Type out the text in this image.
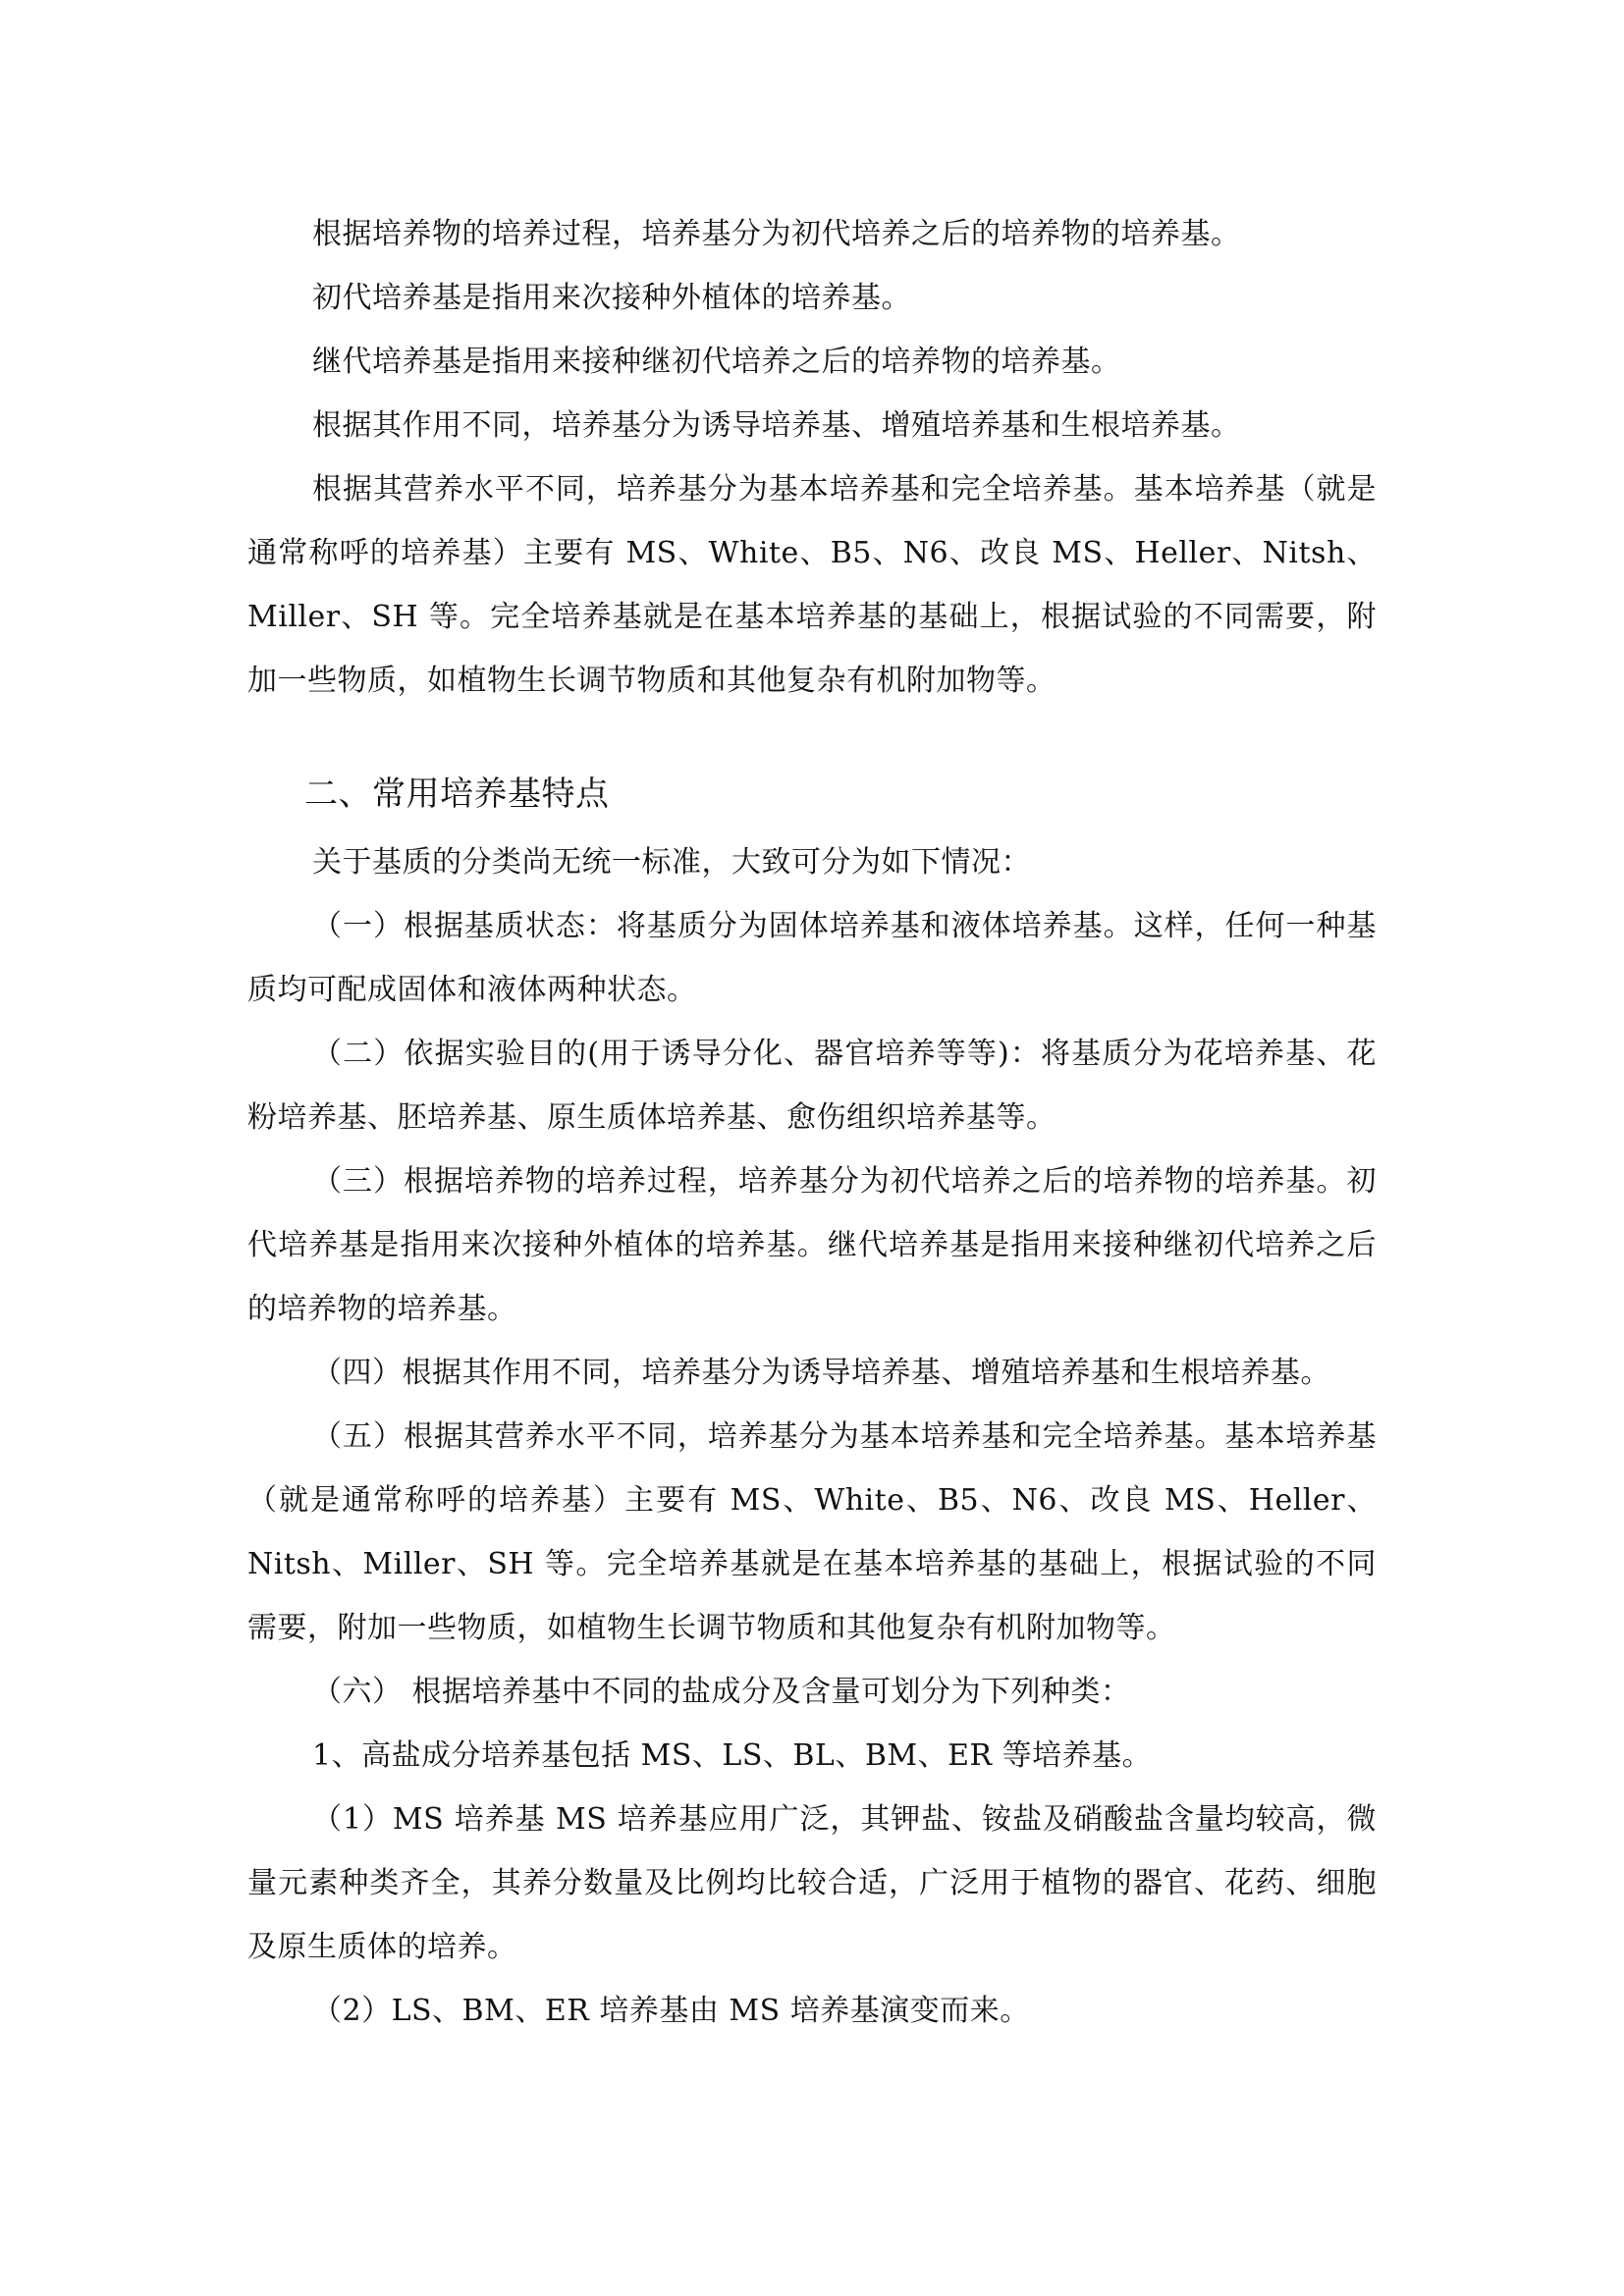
根据培养物的培养过程，培养基分为初代培养之后的培养物的培养基。

初代培养基是指用来次接种外植体的培养基。

继代培养基是指用来接种继初代培养之后的培养物的培养基。

根据其作用不同，培养基分为诱导培养基、增殖培养基和生根培养基。

根据其营养水平不同，培养基分为基本培养基和完全培养基。基本培养基（就是通常称呼的培养基）主要有 MS、White、B5、N6、改良 MS、Heller、Nitsh、Miller、SH 等。完全培养基就是在基本培养基的基础上，根据试验的不同需要，附加一些物质，如植物生长调节物质和其他复杂有机附加物等。

二、常用培养基特点

关于基质的分类尚无统一标准，大致可分为如下情况：

（一）根据基质状态：将基质分为固体培养基和液体培养基。这样，任何一种基质均可配成固体和液体两种状态。

（二）依据实验目的(用于诱导分化、器官培养等等)：将基质分为花培养基、花粉培养基、胚培养基、原生质体培养基、愈伤组织培养基等。

（三）根据培养物的培养过程，培养基分为初代培养之后的培养物的培养基。初代培养基是指用来次接种外植体的培养基。继代培养基是指用来接种继初代培养之后的培养物的培养基。

（四）根据其作用不同，培养基分为诱导培养基、增殖培养基和生根培养基。

（五）根据其营养水平不同，培养基分为基本培养基和完全培养基。基本培养基（就是通常称呼的培养基）主要有 MS、White、B5、N6、改良 MS、Heller、Nitsh、Miller、SH 等。完全培养基就是在基本培养基的基础上，根据试验的不同需要，附加一些物质，如植物生长调节物质和其他复杂有机附加物等。

（六） 根据培养基中不同的盐成分及含量可划分为下列种类：

1、高盐成分培养基包括 MS、LS、BL、BM、ER 等培养基。

（1）MS 培养基 MS 培养基应用广泛，其钾盐、铵盐及硝酸盐含量均较高，微量元素种类齐全，其养分数量及比例均比较合适，广泛用于植物的器官、花药、细胞及原生质体的培养。

（2）LS、BM、ER 培养基由 MS 培养基演变而来。
